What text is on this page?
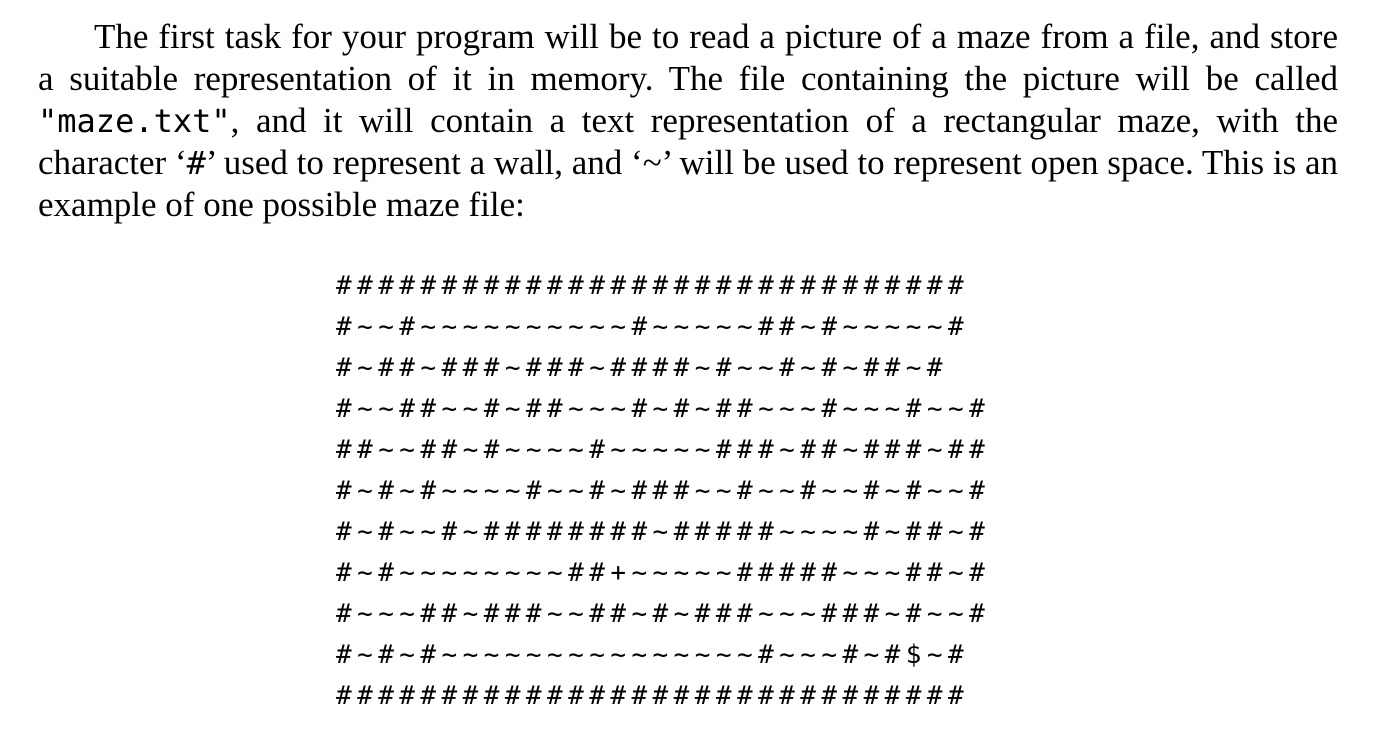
The first task for your program will be to read a picture of a maze from a file, and store a suitable representation of it in memory. The file containing the picture will be called "maze.txt", and it will contain a text representation of a rectangular maze, with the character ‘#’ used to represent a wall, and ‘~’ will be used to represent open space. This is an example of one possible maze file:

##############################
#~~#~~~~~~~~~~#~~~~~##~#~~~~~#
#~##~###~###~####~#~~#~#~##~#
#~~##~~#~##~~~#~#~##~~~#~~~#~~#
##~~##~#~~~~#~~~~~###~##~###~##
#~#~#~~~~#~~#~###~~#~~#~~#~#~~#
#~#~~#~########~#####~~~~#~##~#
#~#~~~~~~~~##+~~~~~#####~~~##~#
#~~~##~###~~##~#~###~~~###~#~~#
#~#~#~~~~~~~~~~~~~~~#~~~#~#$~#
##############################
